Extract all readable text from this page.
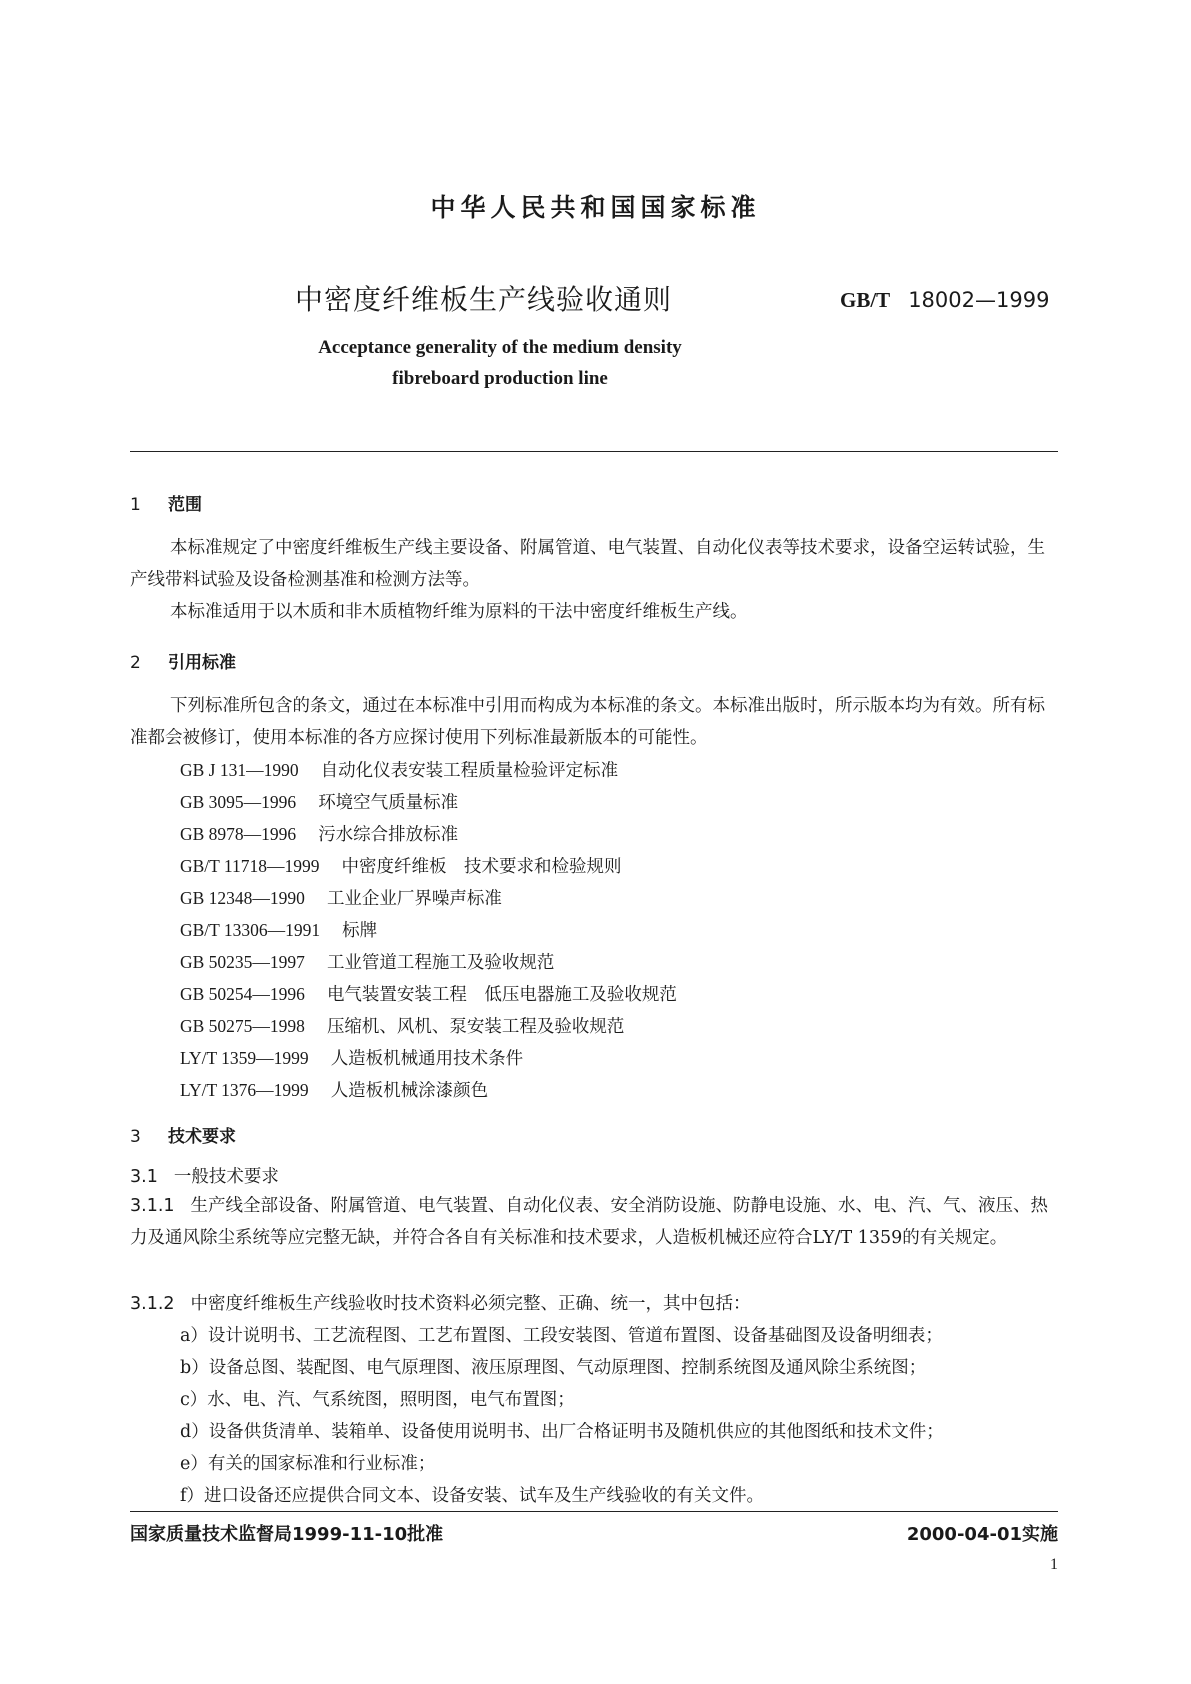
中华人民共和国国家标准
中密度纤维板生产线验收通则	GB/T 18002—1999
Acceptance generality of the medium density
fibreboard production line
1 范围
本标准规定了中密度纤维板生产线主要设备、附属管道、电气装置、自动化仪表等技术要求，设备空运转试验，生产线带料试验及设备检测基准和检测方法等。
本标准适用于以木质和非木质植物纤维为原料的干法中密度纤维板生产线。
2 引用标准
下列标准所包含的条文，通过在本标准中引用而构成为本标准的条文。本标准出版时，所示版本均为有效。所有标准都会被修订，使用本标准的各方应探讨使用下列标准最新版本的可能性。
GB J 131—1990 自动化仪表安装工程质量检验评定标准
GB 3095—1996 环境空气质量标准
GB 8978—1996 污水综合排放标准
GB/T 11718—1999 中密度纤维板　技术要求和检验规则
GB 12348—1990 工业企业厂界噪声标准
GB/T 13306—1991 标牌
GB 50235—1997 工业管道工程施工及验收规范
GB 50254—1996 电气装置安装工程　低压电器施工及验收规范
GB 50275—1998 压缩机、风机、泵安装工程及验收规范
LY/T 1359—1999 人造板机械通用技术条件
LY/T 1376—1999 人造板机械涂漆颜色
3 技术要求
3.1 一般技术要求
3.1.1 生产线全部设备、附属管道、电气装置、自动化仪表、安全消防设施、防静电设施、水、电、汽、气、液压、热力及通风除尘系统等应完整无缺，并符合各自有关标准和技术要求，人造板机械还应符合LY/T 1359的有关规定。
3.1.2 中密度纤维板生产线验收时技术资料必须完整、正确、统一，其中包括：
a）设计说明书、工艺流程图、工艺布置图、工段安装图、管道布置图、设备基础图及设备明细表；
b）设备总图、装配图、电气原理图、液压原理图、气动原理图、控制系统图及通风除尘系统图；
c）水、电、汽、气系统图，照明图，电气布置图；
d）设备供货清单、装箱单、设备使用说明书、出厂合格证明书及随机供应的其他图纸和技术文件；
e）有关的国家标准和行业标准；
f）进口设备还应提供合同文本、设备安装、试车及生产线验收的有关文件。
国家质量技术监督局1999-11-10批准	2000-04-01实施
1
